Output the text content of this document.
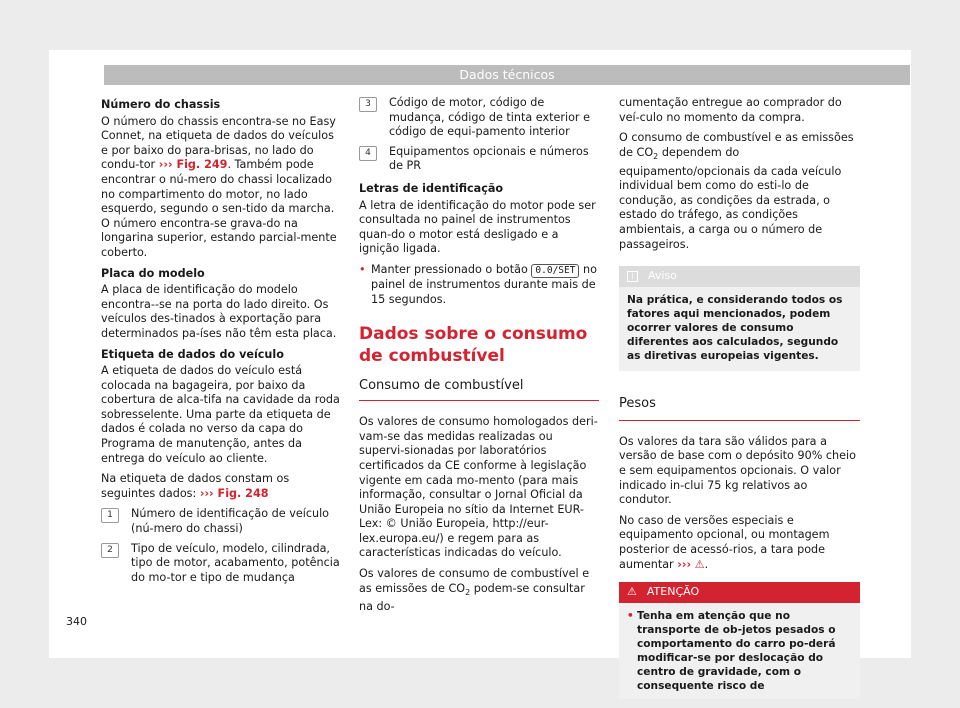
Dados técnicos

Número do chassis

O número do chassis encontra-se no Easy Connet, na etiqueta de dados do veículos e por baixo do para-brisas, no lado do condu-tor ››› Fig. 249. Também pode encontrar o nú-mero do chassi localizado no compartimento do motor, no lado esquerdo, segundo o sen-tido da marcha. O número encontra-se grava-do na longarina superior, estando parcial-mente coberto.

Placa do modelo

A placa de identificação do modelo encontra--se na porta do lado direito. Os veículos des-tinados à exportação para determinados pa-íses não têm esta placa.

Etiqueta de dados do veículo

A etiqueta de dados do veículo está colocada na bagageira, por baixo da cobertura de alca-tifa na cavidade da roda sobresselente. Uma parte da etiqueta de dados é colada no verso da capa do Programa de manutenção, antes da entrega do veículo ao cliente.

Na etiqueta de dados constam os seguintes dados: ››› Fig. 248

1	Número de identificação de veículo (nú-mero do chassi)
2	Tipo de veículo, modelo, cilindrada, tipo de motor, acabamento, potência do mo-tor e tipo de mudança
3	Código de motor, código de mudança, código de tinta exterior e código de equi-pamento interior
4	Equipamentos opcionais e números de PR

Letras de identificação

A letra de identificação do motor pode ser consultada no painel de instrumentos quan-do o motor está desligado e a ignição ligada.

• Manter pressionado o botão 0.0/SET no painel de instrumentos durante mais de 15 segundos.
Dados sobre o consumo de combustível
Consumo de combustível

Os valores de consumo homologados deri-vam-se das medidas realizadas ou supervi-sionadas por laboratórios certificados da CE conforme à legislação vigente em cada mo-mento (para mais informação, consultar o Jornal Oficial da União Europeia no sítio da Internet EUR-Lex: © União Europeia, http://eur-lex.europa.eu/) e regem para as características indicadas do veículo.

Os valores de consumo de combustível e as emissões de $CO_2$ podem-se consultar na do-

cumentação entregue ao comprador do veí-culo no momento da compra.

O consumo de combustível e as emissões de $CO_2$ dependem do equipamento/opcionais da cada veículo individual bem como do esti-lo de condução, as condições da estrada, o estado do tráfego, as condições ambientais, a carga ou o número de passageiros.

i	Aviso
Na prática, e considerando todos os fatores aqui mencionados, podem ocorrer valores de consumo diferentes aos calculados, segundo as diretivas europeias vigentes.
Pesos

Os valores da tara são válidos para a versão de base com o depósito 90% cheio e sem equipamentos opcionais. O valor indicado in-clui 75 kg relativos ao condutor.

No caso de versões especiais e equipamento opcional, ou montagem posterior de acessó-rios, a tara pode aumentar ››› ⚠.

⚠ ATENÇÃO
• Tenha em atenção que no transporte de ob-jetos pesados o comportamento do carro po-derá modificar-se por deslocação do centro de gravidade, com o consequente risco de
340
